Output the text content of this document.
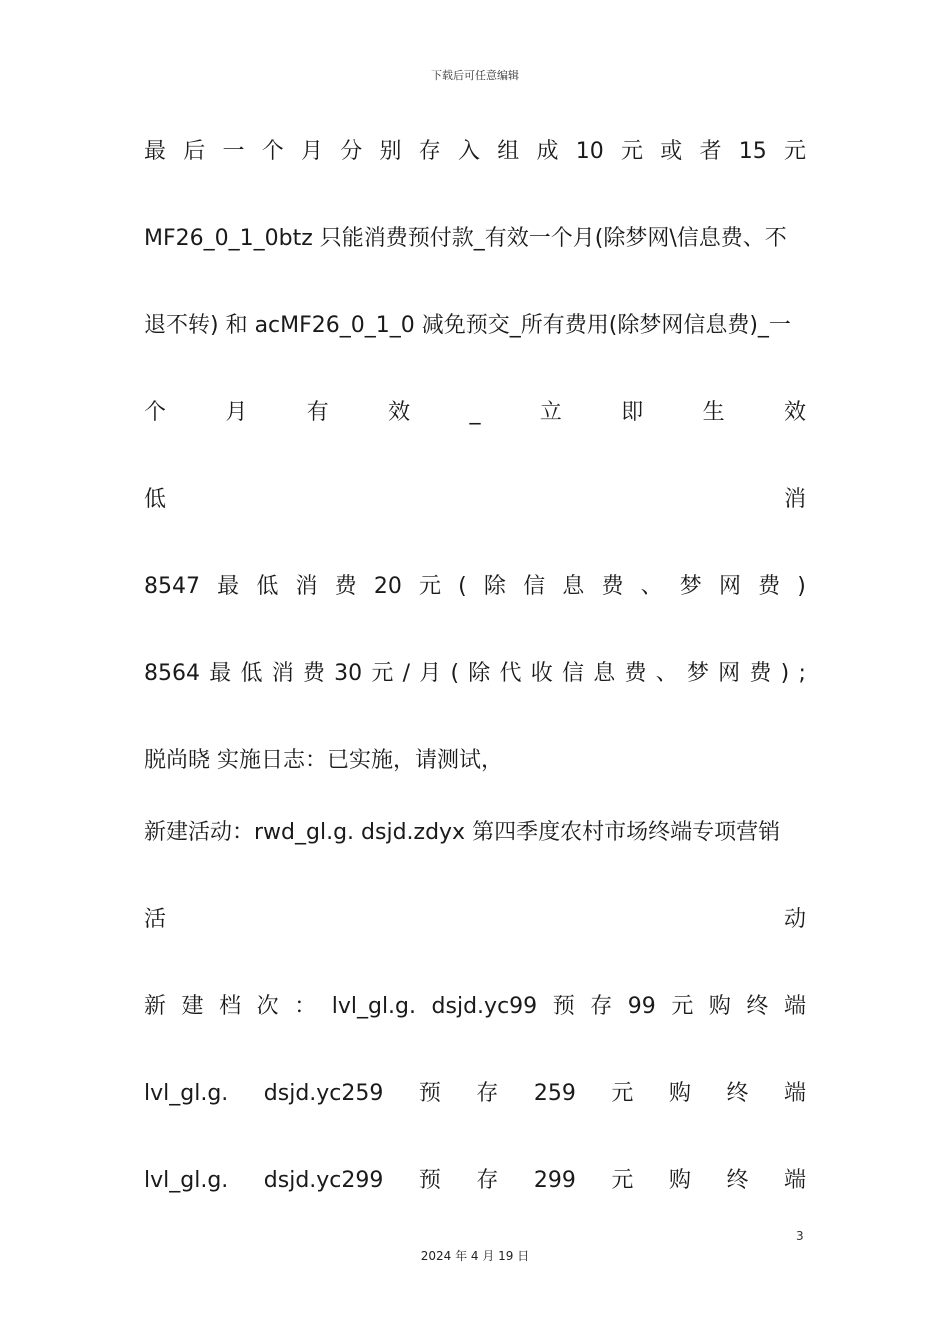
下载后可任意编辑
最 后 一 个 月 分 别 存 入 组 成 10 元 或 者 15 元
MF26_0_1_0btz 只能消费预付款_有效一个月(除梦网\信息费、不
退不转) 和 acMF26_0_1_0 减免预交_所有费用(除梦网信息费)_一
个	月	有	效	_	立	即	生	效
低	消
8547 最 低 消 费 20 元 ( 除 信 息 费 、 梦 网 费 )
8564 最 低 消 费 30 元 / 月 ( 除 代 收 信 息 费 、 梦 网 费 ) ;
脱尚晓 实施日志：已实施，请测试，
新建活动：rwd_gl.g. dsjd.zdyx 第四季度农村市场终端专项营销
活	动
新 建 档 次 ： lvl_gl.g. dsjd.yc99 预 存 99 元 购 终 端
lvl_gl.g. dsjd.yc259 预 存 259 元 购 终 端
lvl_gl.g. dsjd.yc299 预 存 299 元 购 终 端
3
2024 年 4 月 19 日
